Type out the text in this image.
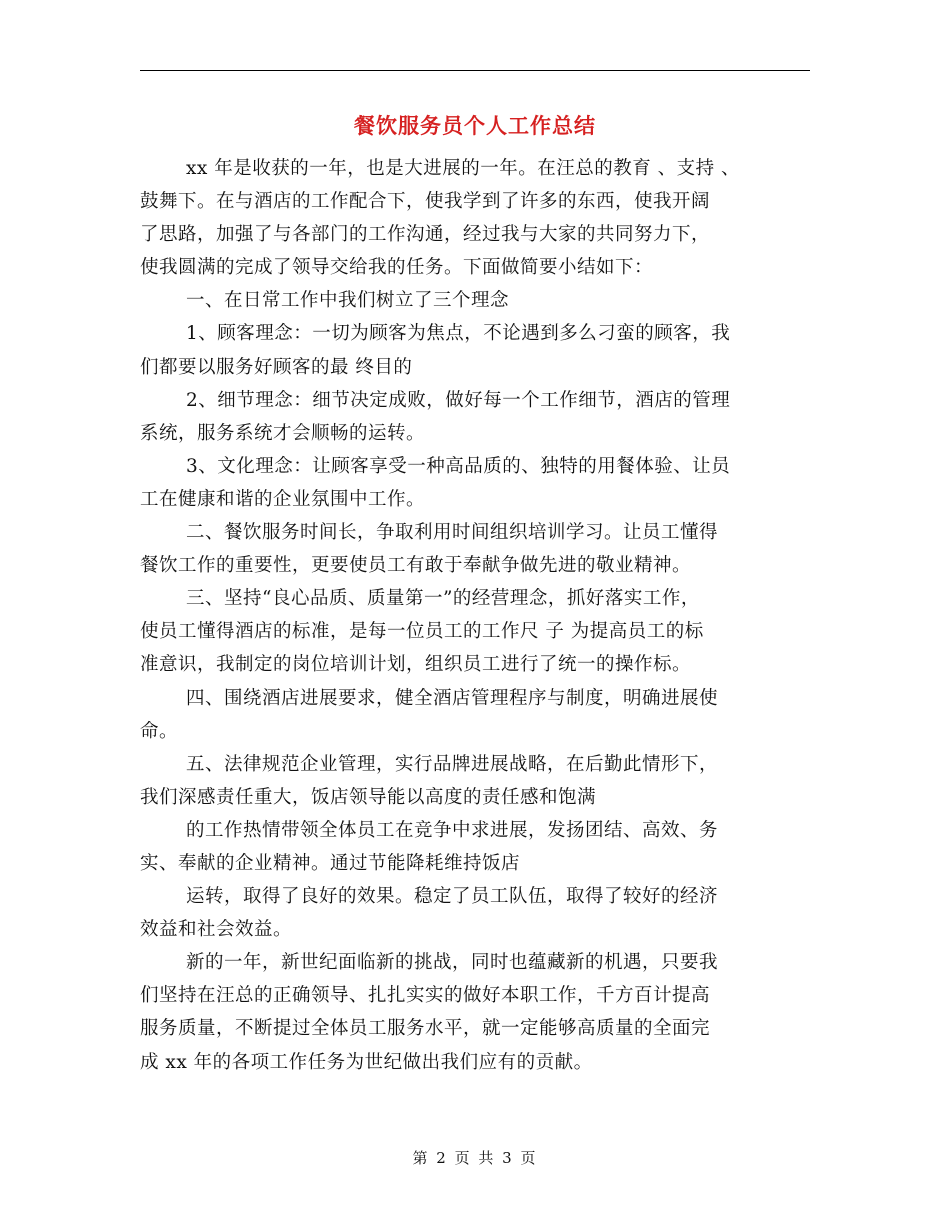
餐饮服务员个人工作总结
xx 年是收获的一年，也是大进展的一年。在汪总的教育 、支持 、
鼓舞下。在与酒店的工作配合下，使我学到了许多的东西，使我开阔
了思路，加强了与各部门的工作沟通，经过我与大家的共同努力下，
使我圆满的完成了领导交给我的任务。下面做简要小结如下：
一、在日常工作中我们树立了三个理念
1、顾客理念：一切为顾客为焦点，不论遇到多么刁蛮的顾客，我
们都要以服务好顾客的最 终目的
2、细节理念：细节决定成败，做好每一个工作细节，酒店的管理
系统，服务系统才会顺畅的运转。
3、文化理念：让顾客享受一种高品质的、独特的用餐体验、让员
工在健康和谐的企业氛围中工作。
二、餐饮服务时间长，争取利用时间组织培训学习。让员工懂得
餐饮工作的重要性，更要使员工有敢于奉献争做先进的敬业精神。
三、坚持“良心品质、质量第一”的经营理念，抓好落实工作，
使员工懂得酒店的标准，是每一位员工的工作尺 子 为提高员工的标
准意识，我制定的岗位培训计划，组织员工进行了统一的操作标。
四、围绕酒店进展要求，健全酒店管理程序与制度，明确进展使
命。
五、法律规范企业管理，实行品牌进展战略，在后勤此情形下，
我们深感责任重大，饭店领导能以高度的责任感和饱满
的工作热情带领全体员工在竞争中求进展，发扬团结、高效、务
实、奉献的企业精神。通过节能降耗维持饭店
运转，取得了良好的效果。稳定了员工队伍，取得了较好的经济
效益和社会效益。
新的一年，新世纪面临新的挑战，同时也蕴藏新的机遇，只要我
们坚持在汪总的正确领导、扎扎实实的做好本职工作，千方百计提高
服务质量，不断提过全体员工服务水平，就一定能够高质量的全面完
成 xx 年的各项工作任务为世纪做出我们应有的贡献。
第 2 页 共 3 页
